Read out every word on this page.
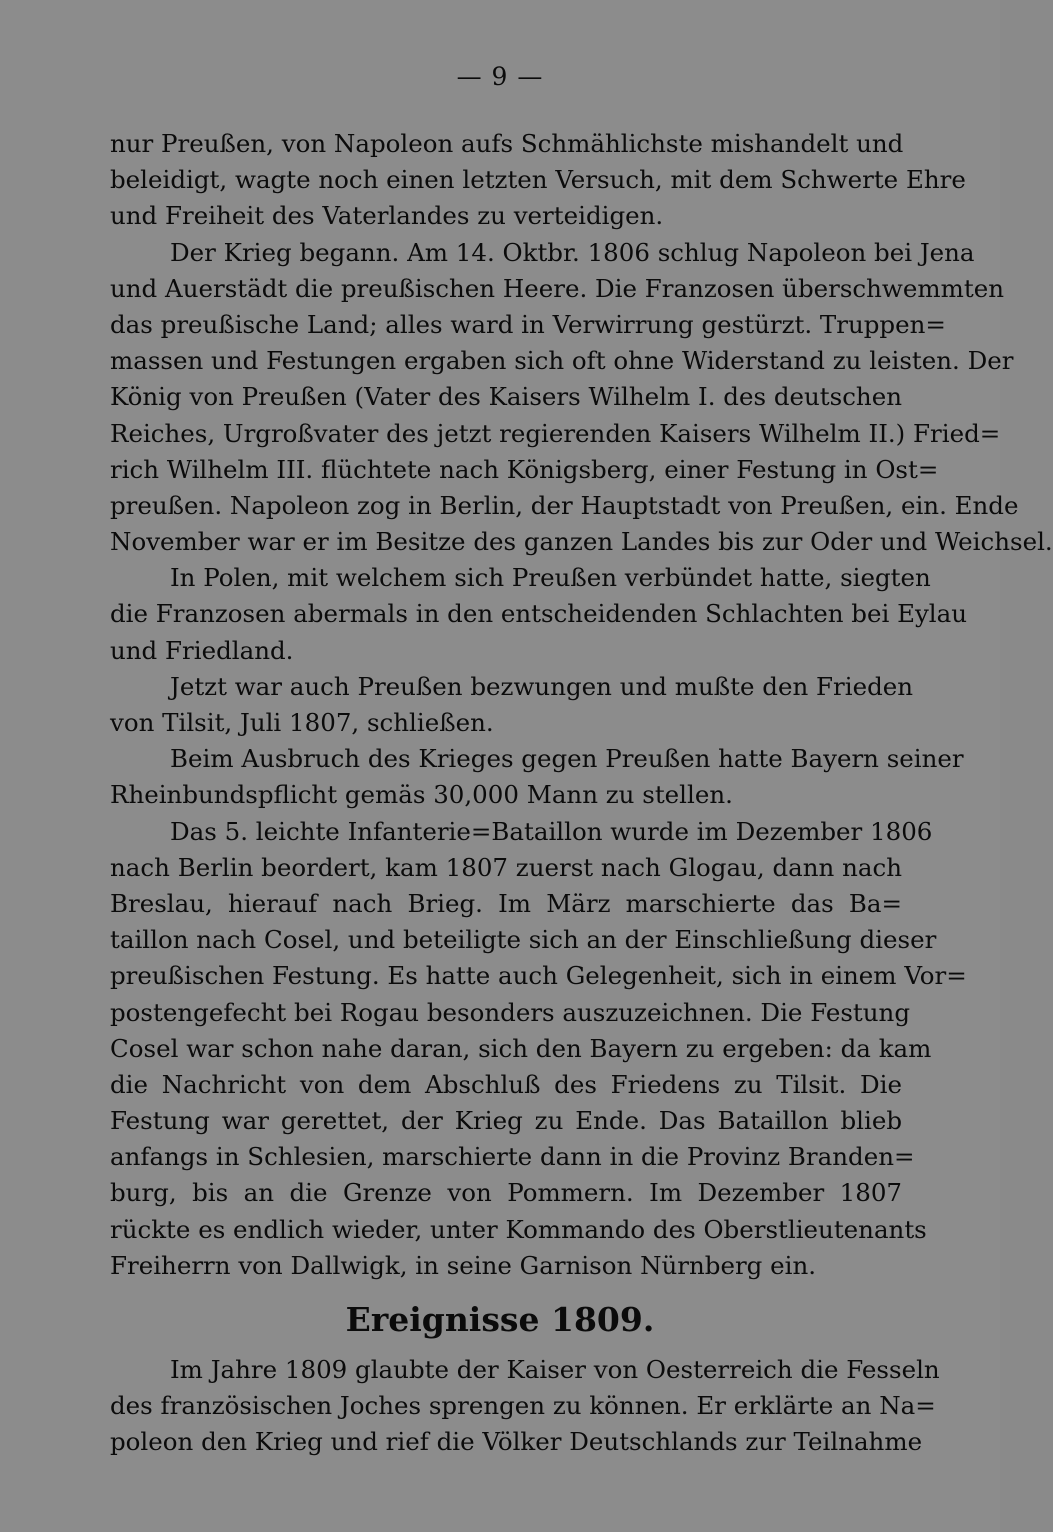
— 9 —
nur Preußen, von Napoleon aufs Schmählichste mishandelt und
beleidigt, wagte noch einen letzten Versuch, mit dem Schwerte Ehre
und Freiheit des Vaterlandes zu verteidigen.
Der Krieg begann. Am 14. Oktbr. 1806 schlug Napoleon bei Jena
und Auerstädt die preußischen Heere. Die Franzosen überschwemmten
das preußische Land; alles ward in Verwirrung gestürzt. Truppen=
massen und Festungen ergaben sich oft ohne Widerstand zu leisten. Der
König von Preußen (Vater des Kaisers Wilhelm I. des deutschen
Reiches, Urgroßvater des jetzt regierenden Kaisers Wilhelm II.) Fried=
rich Wilhelm III. flüchtete nach Königsberg, einer Festung in Ost=
preußen. Napoleon zog in Berlin, der Hauptstadt von Preußen, ein. Ende
November war er im Besitze des ganzen Landes bis zur Oder und Weichsel.
In Polen, mit welchem sich Preußen verbündet hatte, siegten
die Franzosen abermals in den entscheidenden Schlachten bei Eylau
und Friedland.
Jetzt war auch Preußen bezwungen und mußte den Frieden
von Tilsit, Juli 1807, schließen.
Beim Ausbruch des Krieges gegen Preußen hatte Bayern seiner
Rheinbundspflicht gemäs 30,000 Mann zu stellen.
Das 5. leichte Infanterie=Bataillon wurde im Dezember 1806
nach Berlin beordert, kam 1807 zuerst nach Glogau, dann nach
Breslau, hierauf nach Brieg. Im März marschierte das Ba=
taillon nach Cosel, und beteiligte sich an der Einschließung dieser
preußischen Festung. Es hatte auch Gelegenheit, sich in einem Vor=
postengefecht bei Rogau besonders auszuzeichnen. Die Festung
Cosel war schon nahe daran, sich den Bayern zu ergeben: da kam
die Nachricht von dem Abschluß des Friedens zu Tilsit. Die
Festung war gerettet, der Krieg zu Ende. Das Bataillon blieb
anfangs in Schlesien, marschierte dann in die Provinz Branden=
burg, bis an die Grenze von Pommern. Im Dezember 1807
rückte es endlich wieder, unter Kommando des Oberstlieutenants
Freiherrn von Dallwigk, in seine Garnison Nürnberg ein.
Ereignisse 1809.
Im Jahre 1809 glaubte der Kaiser von Oesterreich die Fesseln
des französischen Joches sprengen zu können. Er erklärte an Na=
poleon den Krieg und rief die Völker Deutschlands zur Teilnahme
